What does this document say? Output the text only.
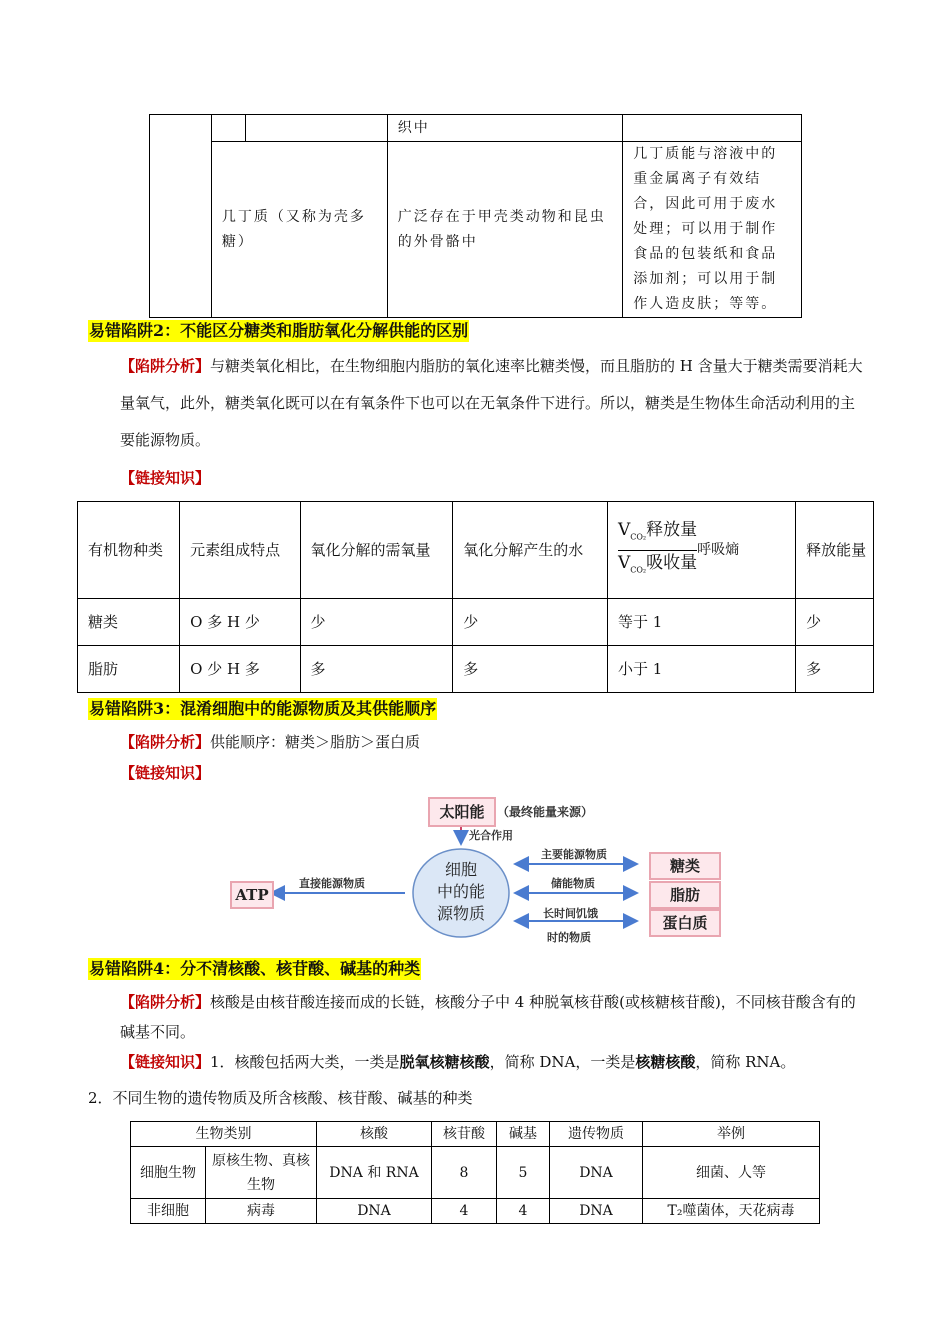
			织中	
	几丁质（又称为壳多糖）		广泛存在于甲壳类动物和昆虫的外骨骼中	几丁质能与溶液中的重金属离子有效结合，因此可用于废水处理；可以用于制作食品的包装纸和食品添加剂；可以用于制作人造皮肤；等等。
易错陷阱2：不能区分糖类和脂肪氧化分解供能的区别
【陷阱分析】与糖类氧化相比，在生物细胞内脂肪的氧化速率比糖类慢，而且脂肪的 H 含量大于糖类需要消耗大量氧气，此外，糖类氧化既可以在有氧条件下也可以在无氧条件下进行。所以，糖类是生物体生命活动利用的主要能源物质。
【链接知识】
有机物种类	元素组成特点	氧化分解的需氧量	氧化分解产生的水	$\frac{V_{CO_2}释放量}{V_{CO_2}吸收量}$ 呼吸熵	释放能量
糖类	O 多 H 少	少	少	等于 1	少
脂肪	O 少 H 多	多	多	小于 1	多
易错陷阱3：混淆细胞中的能源物质及其供能顺序
【陷阱分析】供能顺序：糖类＞脂肪＞蛋白质
【链接知识】
太阳能	（最终能量来源）
光合作用
细胞
中的能
源物质
ATP
直接能源物质
糖类
主要能源物质
脂肪
储能物质
蛋白质
长时间饥饿
时的物质
易错陷阱4：分不清核酸、核苷酸、碱基的种类
【陷阱分析】核酸是由核苷酸连接而成的长链，核酸分子中 4 种脱氧核苷酸(或核糖核苷酸)，不同核苷酸含有的碱基不同。
【链接知识】1．核酸包括两大类，一类是脱氧核糖核酸，简称 DNA，一类是核糖核酸，简称 RNA。
2．不同生物的遗传物质及所含核酸、核苷酸、碱基的种类
生物类别		核酸	核苷酸	碱基	遗传物质	举例
细胞生物	原核生物、真核生物	DNA 和 RNA	8	5	DNA	细菌、人等
非细胞	病毒	DNA	4	4	DNA	T₂噬菌体，天花病毒
